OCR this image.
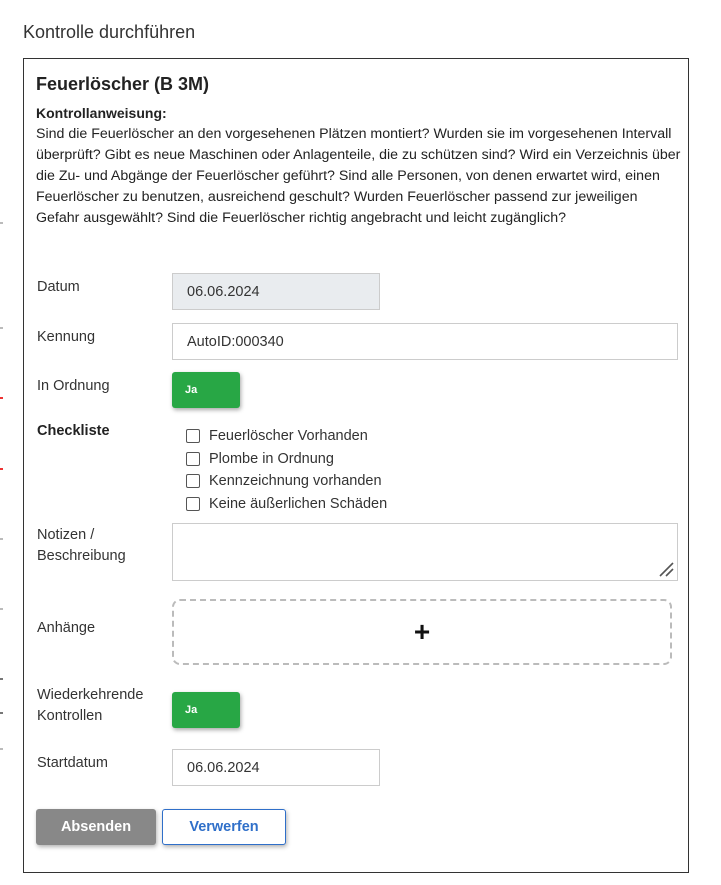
Kontrolle durchführen
Feuerlöscher (B 3M)
Kontrollanweisung:
Sind die Feuerlöscher an den vorgesehenen Plätzen montiert? Wurden sie im vorgesehenen Intervall überprüft? Gibt es neue Maschinen oder Anlagenteile, die zu schützen sind? Wird ein Verzeichnis über die Zu- und Abgänge der Feuerlöscher geführt? Sind alle Personen, von denen erwartet wird, einen Feuerlöscher zu benutzen, ausreichend geschult? Wurden Feuerlöscher passend zur jeweiligen Gefahr ausgewählt? Sind die Feuerlöscher richtig angebracht und leicht zugänglich?
Datum	06.06.2024
Kennung	AutoID:000340
In Ordnung	Ja
Checkliste	Feuerlöscher Vorhanden
Plombe in Ordnung
Kennzeichnung vorhanden
Keine äußerlichen Schäden
Notizen /
Beschreibung
Anhänge	+
Wiederkehrende
Kontrollen	Ja
Startdatum	06.06.2024
Absenden	Verwerfen
